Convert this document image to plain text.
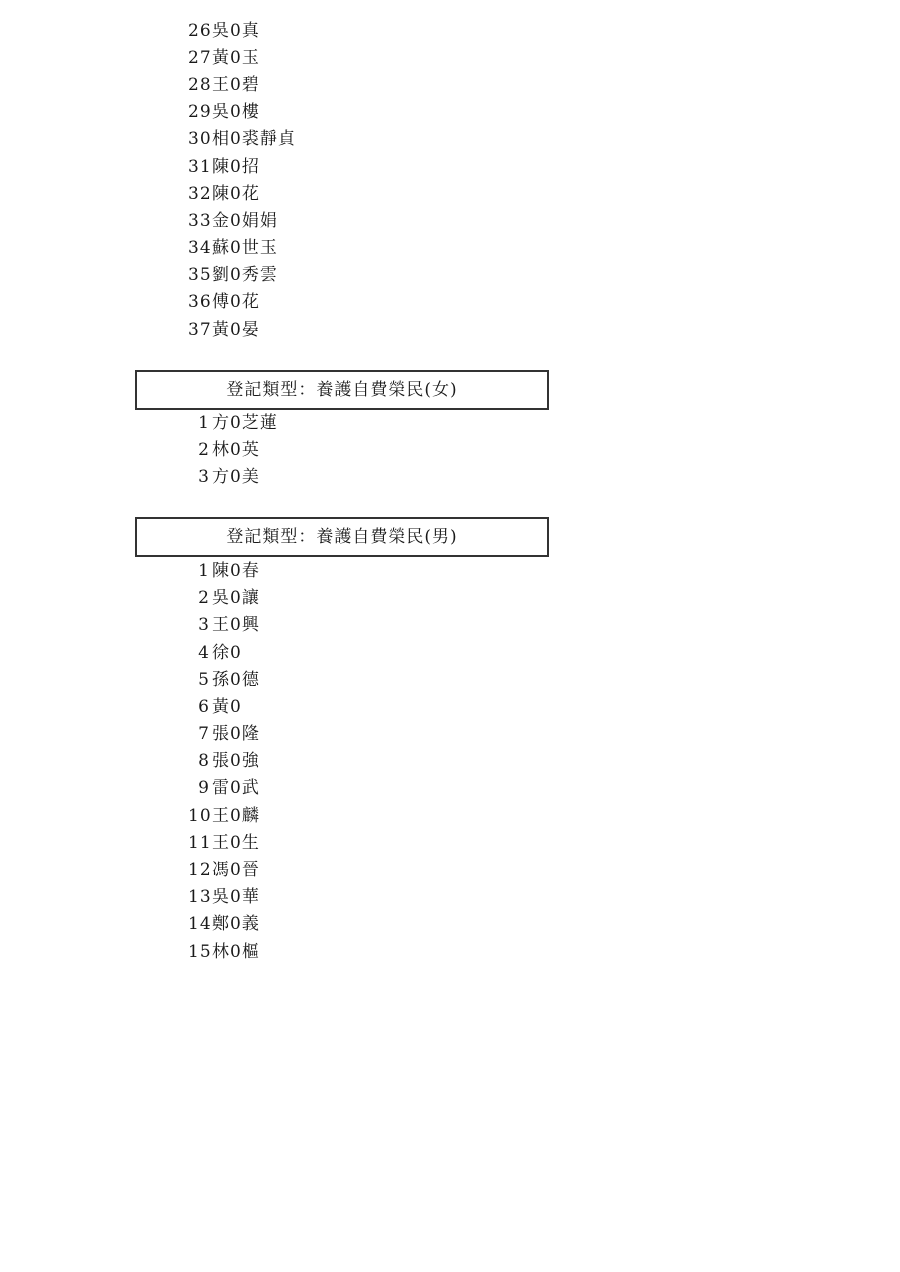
26吳0真
27黃0玉
28王0碧
29吳0樓
30相0裘靜貞
31陳0招
32陳0花
33金0娟娟
34蘇0世玉
35劉0秀雲
36傅0花
37黃0晏
登記類型：養護自費榮民(女)
1 方0芝蓮
2 林0英
3 方0美
登記類型：養護自費榮民(男)
1 陳0春
2 吳0讓
3 王0興
4 徐0
5 孫0德
6 黃0
7 張0隆
8 張0強
9 雷0武
10王0麟
11王0生
12馮0晉
13吳0華
14鄭0義
15林0樞
